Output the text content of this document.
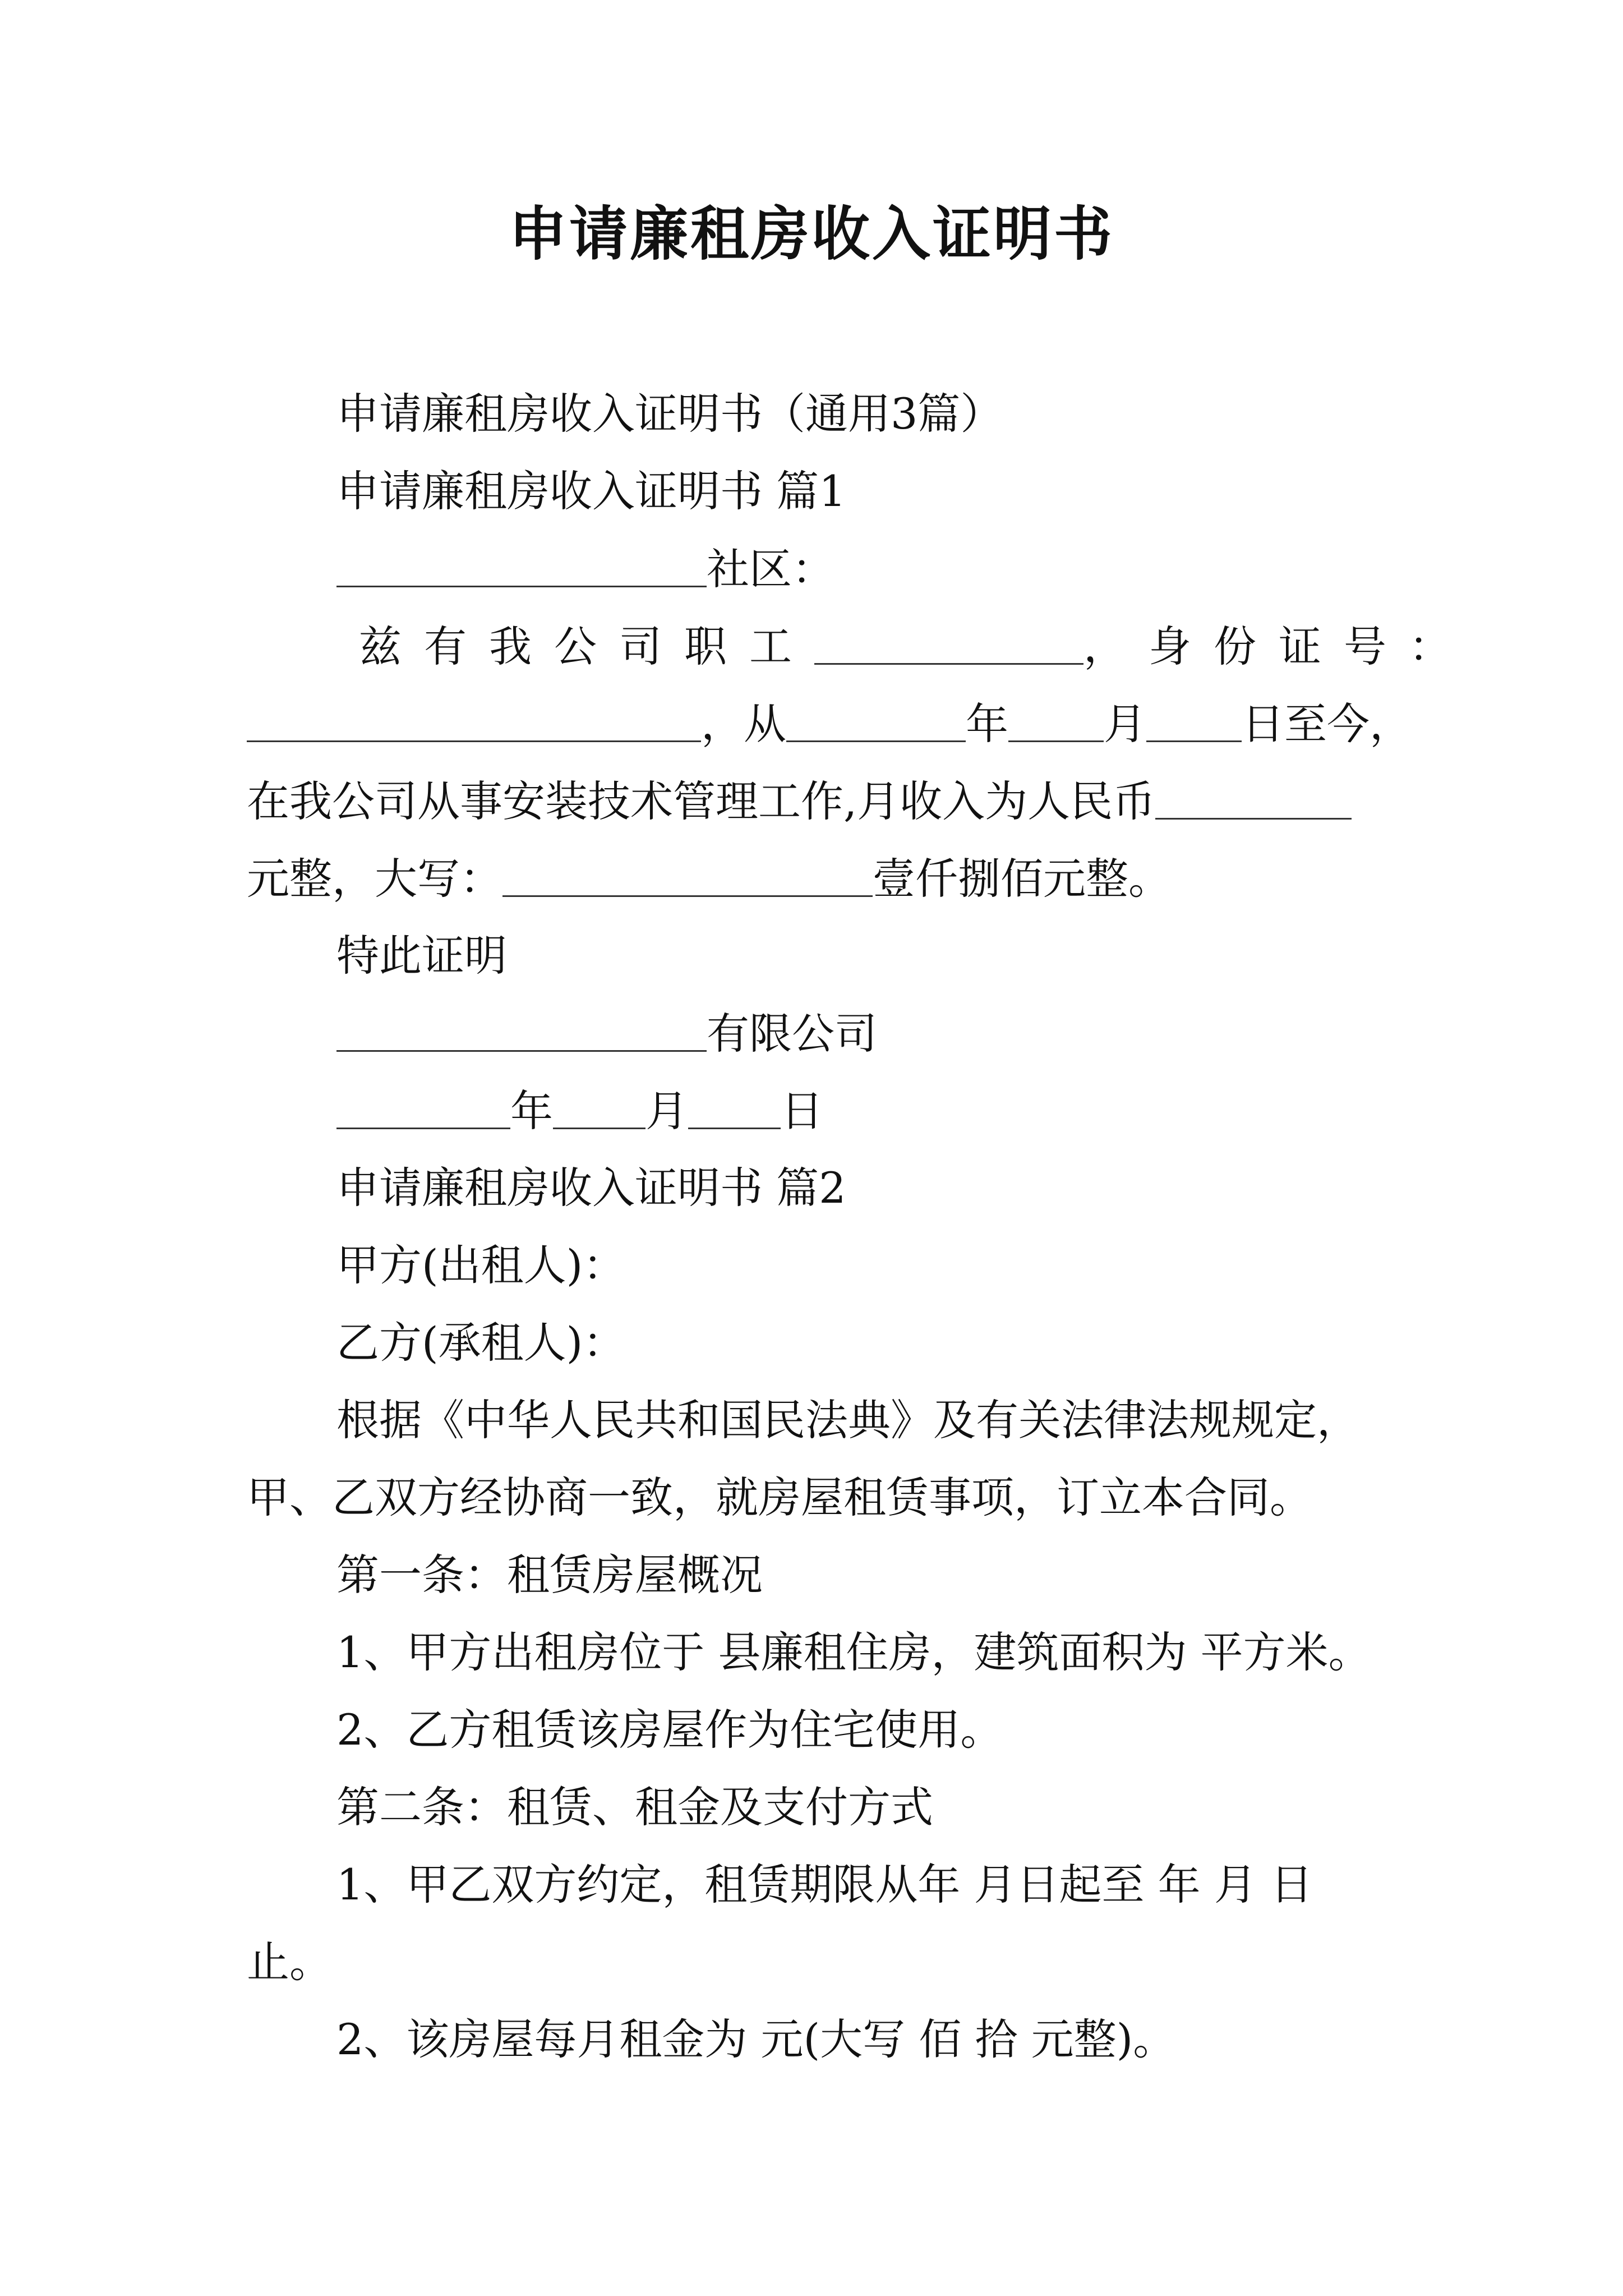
申请廉租房收入证明书
申请廉租房收入证明书（通用3篇）
申请廉租房收入证明书 篇1
社区：
兹有我公司职工	，身份证号：
，从	年 月 日至今，
在我公司从事安装技术管理工作,月收入为人民币
元整，大写：	壹仟捌佰元整。
特此证明
有限公司
年 月 日
申请廉租房收入证明书 篇2
甲方(出租人)：
乙方(承租人)：
根据《中华人民共和国民法典》及有关法律法规规定，
甲、乙双方经协商一致，就房屋租赁事项，订立本合同。
第一条：租赁房屋概况
1、甲方出租房位于 县廉租住房，建筑面积为 平方米。
2、乙方租赁该房屋作为住宅使用。
第二条：租赁、租金及支付方式
1、甲乙双方约定，租赁期限从年 月日起至 年 月 日
止。
2、该房屋每月租金为 元(大写 佰 拾 元整)。
